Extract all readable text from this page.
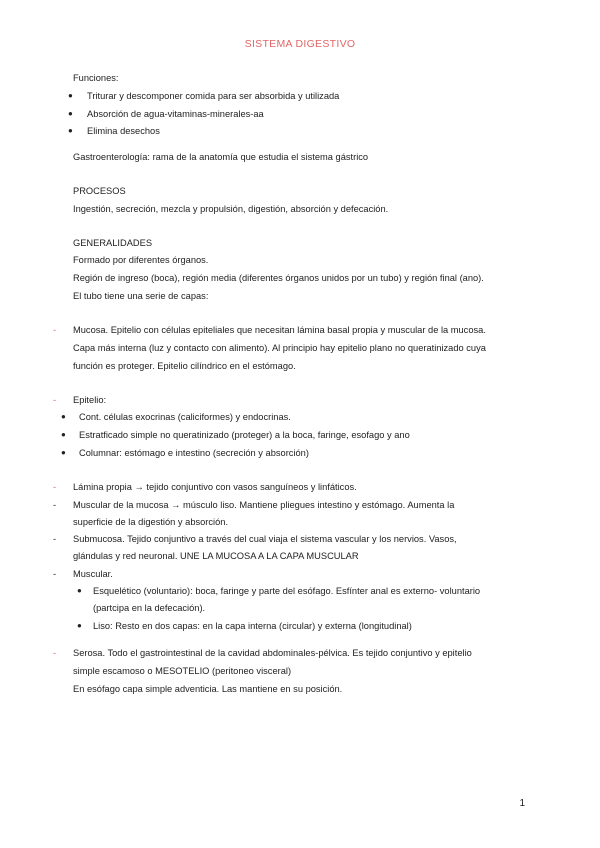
SISTEMA DIGESTIVO
Funciones:
● Triturar y descomponer comida para ser absorbida y utilizada
● Absorción de agua-vitaminas-minerales-aa
● Elimina desechos
Gastroenterología: rama de la anatomía que estudia el sistema gástrico
PROCESOS
Ingestión, secreción, mezcla y propulsión, digestión, absorción y defecación.
GENERALIDADES
Formado por diferentes órganos.
Región de ingreso (boca), región media (diferentes órganos unidos por un tubo) y región final (ano).
El tubo tiene una serie de capas:
- Mucosa. Epitelio con células epiteliales que necesitan lámina basal propia y muscular de la mucosa.
Capa más interna (luz y contacto con alimento). Al principio hay epitelio plano no queratinizado cuya
función es proteger. Epitelio cilíndrico en el estómago.
- Epitelio:
● Cont. células exocrinas (caliciformes) y endocrinas.
● Estratficado simple no queratinizado (proteger) a la boca, faringe, esofago y ano
● Columnar: estómago e intestino (secreción y absorción)
- Lámina propia → tejido conjuntivo con vasos sanguíneos y linfáticos.
- Muscular de la mucosa → músculo liso. Mantiene pliegues intestino y estómago. Aumenta la
superficie de la digestión y absorción.
- Submucosa. Tejido conjuntivo a través del cual viaja el sistema vascular y los nervios. Vasos,
glándulas y red neuronal. UNE LA MUCOSA A LA CAPA MUSCULAR
- Muscular.
● Esquelético (voluntario): boca, faringe y parte del esófago. Esfínter anal es externo- voluntario
(partcipa en la defecación).
● Liso: Resto en dos capas: en la capa interna (circular) y externa (longitudinal)
- Serosa. Todo el gastrointestinal de la cavidad abdominales-pélvica. Es tejido conjuntivo y epitelio
simple escamoso o MESOTELIO (peritoneo visceral)
En esófago capa simple adventicia. Las mantiene en su posición.
1
